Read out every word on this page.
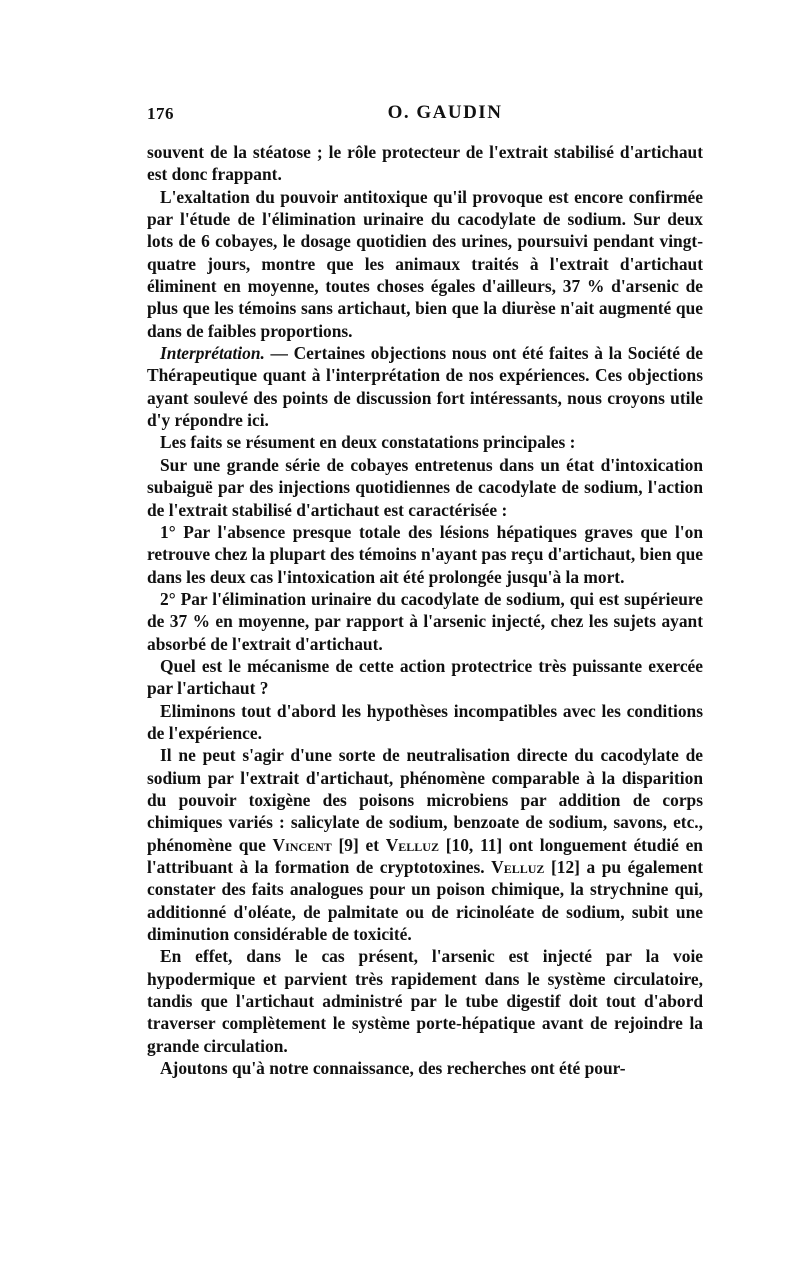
176	O. GAUDIN

souvent de la stéatose ; le rôle protecteur de l'extrait stabilisé d'artichaut est donc frappant.

L'exaltation du pouvoir antitoxique qu'il provoque est encore confirmée par l'étude de l'élimination urinaire du cacodylate de sodium. Sur deux lots de 6 cobayes, le dosage quotidien des urines, poursuivi pendant vingt-quatre jours, montre que les animaux traités à l'extrait d'artichaut éliminent en moyenne, toutes choses égales d'ailleurs, 37 % d'arsenic de plus que les témoins sans artichaut, bien que la diurèse n'ait augmenté que dans de faibles proportions.

Interprétation. — Certaines objections nous ont été faites à la Société de Thérapeutique quant à l'interprétation de nos expériences. Ces objections ayant soulevé des points de discussion fort intéressants, nous croyons utile d'y répondre ici.

Les faits se résument en deux constatations principales :

Sur une grande série de cobayes entretenus dans un état d'intoxication subaiguë par des injections quotidiennes de cacodylate de sodium, l'action de l'extrait stabilisé d'artichaut est caractérisée :

1° Par l'absence presque totale des lésions hépatiques graves que l'on retrouve chez la plupart des témoins n'ayant pas reçu d'artichaut, bien que dans les deux cas l'intoxication ait été prolongée jusqu'à la mort.

2° Par l'élimination urinaire du cacodylate de sodium, qui est supérieure de 37 % en moyenne, par rapport à l'arsenic injecté, chez les sujets ayant absorbé de l'extrait d'artichaut.

Quel est le mécanisme de cette action protectrice très puissante exercée par l'artichaut ?

Eliminons tout d'abord les hypothèses incompatibles avec les conditions de l'expérience.

Il ne peut s'agir d'une sorte de neutralisation directe du cacodylate de sodium par l'extrait d'artichaut, phénomène comparable à la disparition du pouvoir toxigène des poisons microbiens par addition de corps chimiques variés : salicylate de sodium, benzoate de sodium, savons, etc., phénomène que Vincent [9] et Velluz [10, 11] ont longuement étudié en l'attribuant à la formation de cryptotoxines. Velluz [12] a pu également constater des faits analogues pour un poison chimique, la strychnine qui, additionné d'oléate, de palmitate ou de ricinoléate de sodium, subit une diminution considérable de toxicité.

En effet, dans le cas présent, l'arsenic est injecté par la voie hypodermique et parvient très rapidement dans le système circulatoire, tandis que l'artichaut administré par le tube digestif doit tout d'abord traverser complètement le système porte-hépatique avant de rejoindre la grande circulation.

Ajoutons qu'à notre connaissance, des recherches ont été pour-
